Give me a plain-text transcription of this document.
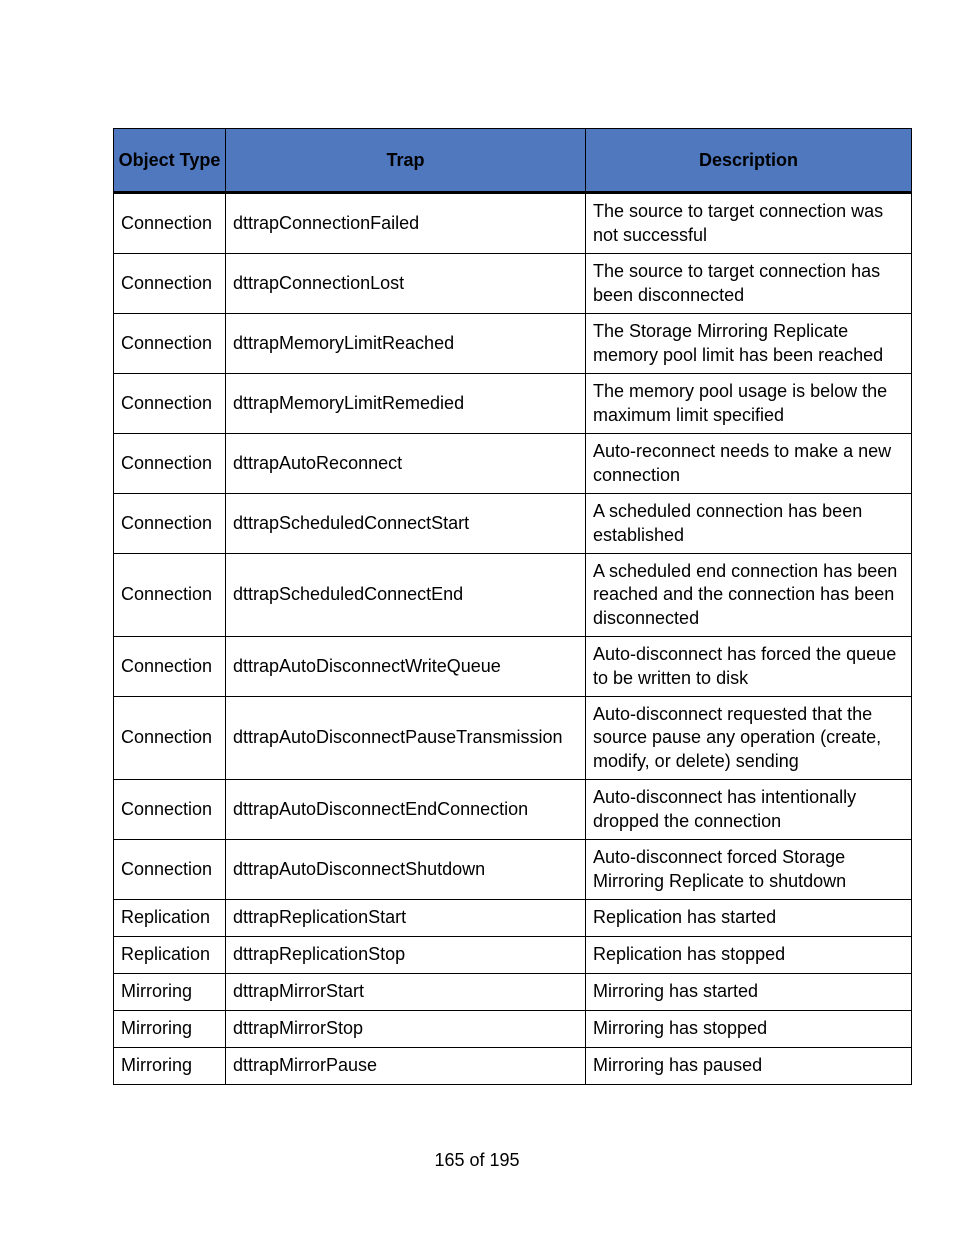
Object Type	Trap	Description
Connection	dttrapConnectionFailed	The source to target connection was not successful
Connection	dttrapConnectionLost	The source to target connection has been disconnected
Connection	dttrapMemoryLimitReached	The Storage Mirroring Replicate memory pool limit has been reached
Connection	dttrapMemoryLimitRemedied	The memory pool usage is below the maximum limit specified
Connection	dttrapAutoReconnect	Auto-reconnect needs to make a new connection
Connection	dttrapScheduledConnectStart	A scheduled connection has been established
Connection	dttrapScheduledConnectEnd	A scheduled end connection has been reached and the connection has been disconnected
Connection	dttrapAutoDisconnectWriteQueue	Auto-disconnect has forced the queue to be written to disk
Connection	dttrapAutoDisconnectPauseTransmission	Auto-disconnect requested that the source pause any operation (create, modify, or delete) sending
Connection	dttrapAutoDisconnectEndConnection	Auto-disconnect has intentionally dropped the connection
Connection	dttrapAutoDisconnectShutdown	Auto-disconnect forced Storage Mirroring Replicate to shutdown
Replication	dttrapReplicationStart	Replication has started
Replication	dttrapReplicationStop	Replication has stopped
Mirroring	dttrapMirrorStart	Mirroring has started
Mirroring	dttrapMirrorStop	Mirroring has stopped
Mirroring	dttrapMirrorPause	Mirroring has paused
165 of 195
